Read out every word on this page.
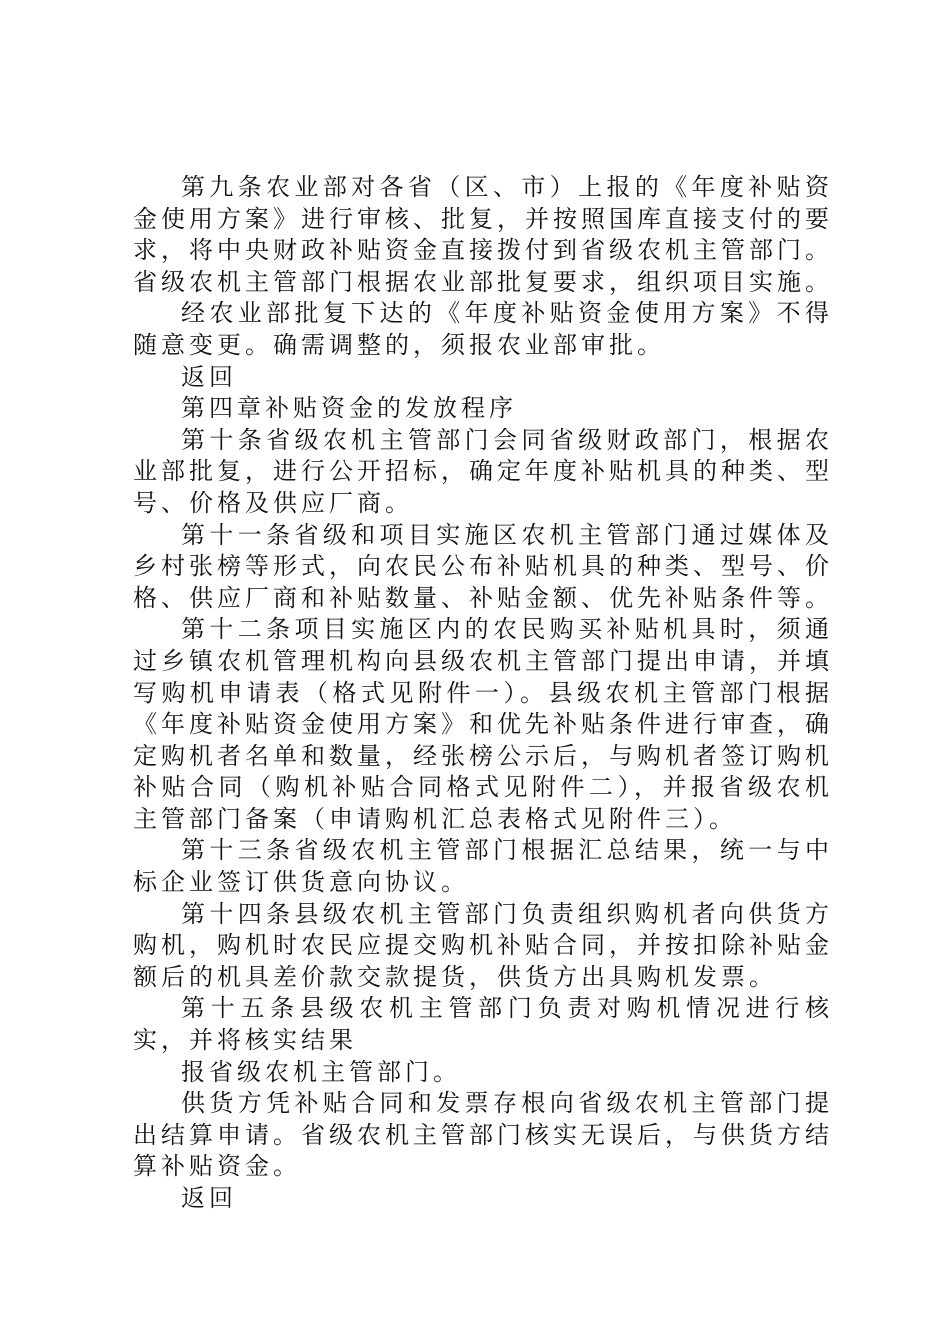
第九条农业部对各省（区、市）上报的《年度补贴资金使用方案》进行审核、批复，并按照国库直接支付的要求，将中央财政补贴资金直接拨付到省级农机主管部门。省级农机主管部门根据农业部批复要求，组织项目实施。

经农业部批复下达的《年度补贴资金使用方案》不得随意变更。确需调整的，须报农业部审批。

返回

第四章补贴资金的发放程序

第十条省级农机主管部门会同省级财政部门，根据农业部批复，进行公开招标，确定年度补贴机具的种类、型号、价格及供应厂商。

第十一条省级和项目实施区农机主管部门通过媒体及乡村张榜等形式，向农民公布补贴机具的种类、型号、价格、供应厂商和补贴数量、补贴金额、优先补贴条件等。

第十二条项目实施区内的农民购买补贴机具时，须通过乡镇农机管理机构向县级农机主管部门提出申请，并填写购机申请表（格式见附件一）。县级农机主管部门根据《年度补贴资金使用方案》和优先补贴条件进行审查，确定购机者名单和数量，经张榜公示后，与购机者签订购机补贴合同（购机补贴合同格式见附件二），并报省级农机主管部门备案（申请购机汇总表格式见附件三）。

第十三条省级农机主管部门根据汇总结果，统一与中标企业签订供货意向协议。

第十四条县级农机主管部门负责组织购机者向供货方购机，购机时农民应提交购机补贴合同，并按扣除补贴金额后的机具差价款交款提货，供货方出具购机发票。

第十五条县级农机主管部门负责对购机情况进行核实，并将核实结果

报省级农机主管部门。

供货方凭补贴合同和发票存根向省级农机主管部门提出结算申请。省级农机主管部门核实无误后，与供货方结算补贴资金。

返回
